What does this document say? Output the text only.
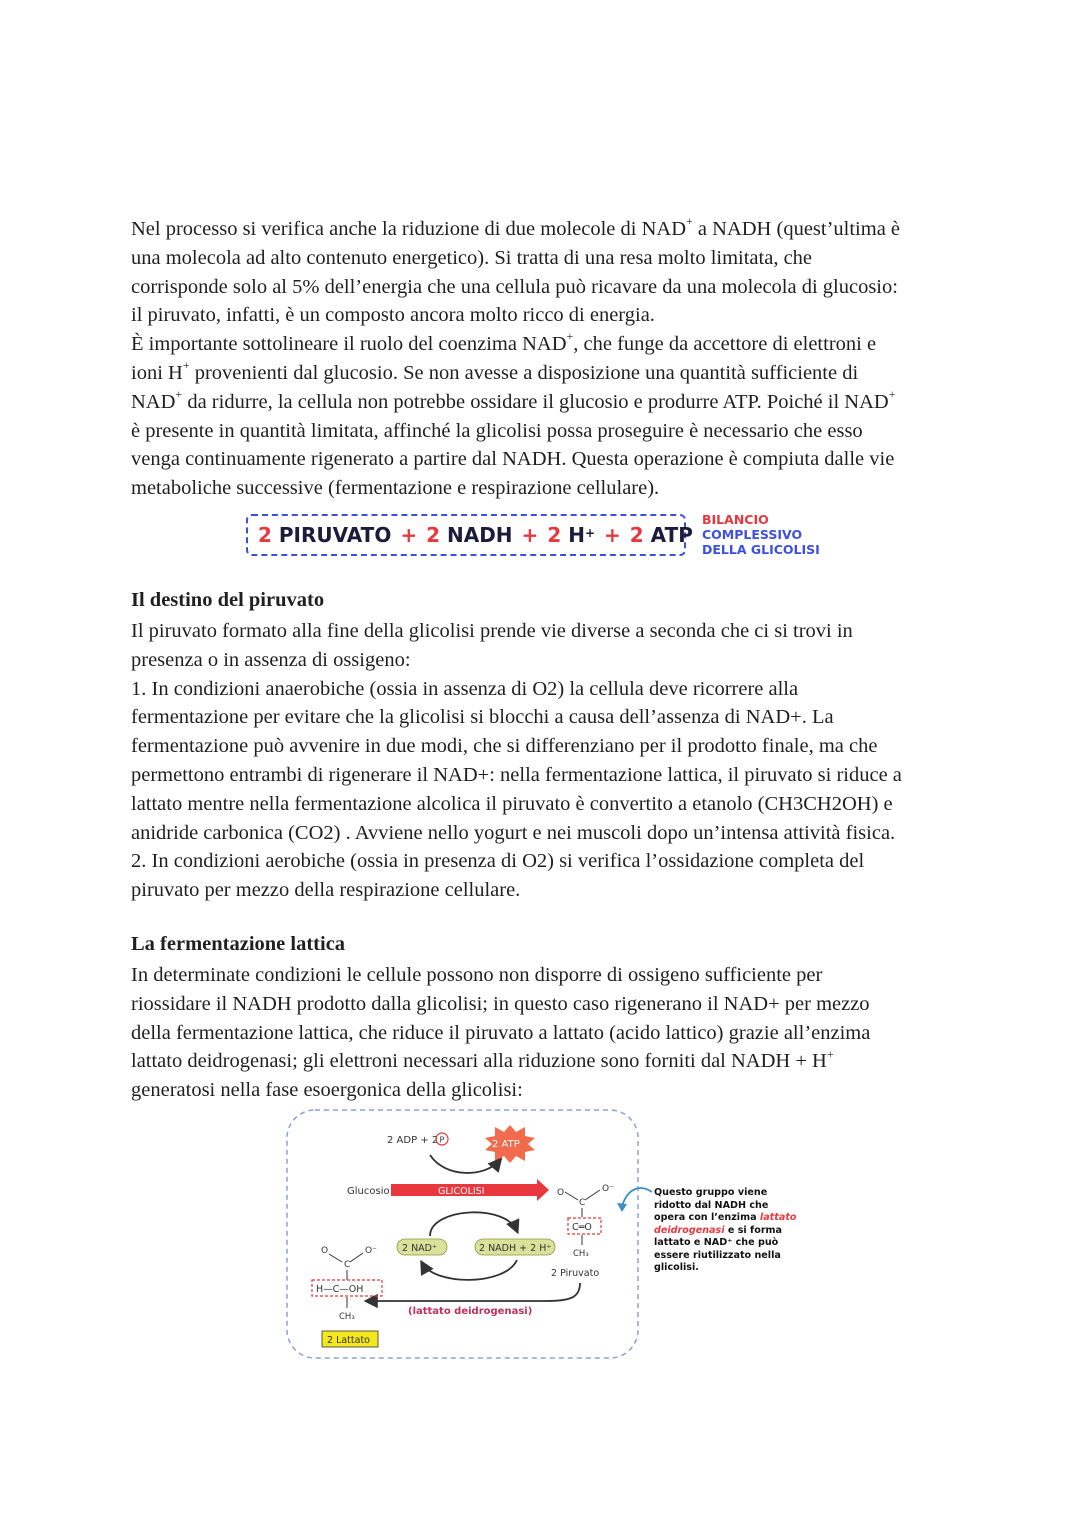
Nel processo si verifica anche la riduzione di due molecole di NAD+ a NADH (quest’ultima è
una molecola ad alto contenuto energetico). Si tratta di una resa molto limitata, che
corrisponde solo al 5% dell’energia che una cellula può ricavare da una molecola di glucosio:
il piruvato, infatti, è un composto ancora molto ricco di energia.
È importante sottolineare il ruolo del coenzima NAD+, che funge da accettore di elettroni e
ioni H+ provenienti dal glucosio. Se non avesse a disposizione una quantità sufficiente di
NAD+ da ridurre, la cellula non potrebbe ossidare il glucosio e produrre ATP. Poiché il NAD+
è presente in quantità limitata, affinché la glicolisi possa proseguire è necessario che esso
venga continuamente rigenerato a partire dal NADH. Questa operazione è compiuta dalle vie
metaboliche successive (fermentazione e respirazione cellulare).
2
PIRUVATO + 2
NADH + 2
H+ + 2
ATP
BILANCIO
COMPLESSIVO
DELLA GLICOLISI
Il destino del piruvato
Il piruvato formato alla fine della glicolisi prende vie diverse a seconda che ci si trovi in
presenza o in assenza di ossigeno:
1. In condizioni anaerobiche (ossia in assenza di O2) la cellula deve ricorrere alla
fermentazione per evitare che la glicolisi si blocchi a causa dell’assenza di NAD+. La
fermentazione può avvenire in due modi, che si differenziano per il prodotto finale, ma che
permettono entrambi di rigenerare il NAD+: nella fermentazione lattica, il piruvato si riduce a
lattato mentre nella fermentazione alcolica il piruvato è convertito a etanolo (CH3CH2OH) e
anidride carbonica (CO2) . Avviene nello yogurt e nei muscoli dopo un’intensa attività fisica.
2. In condizioni aerobiche (ossia in presenza di O2) si verifica l’ossidazione completa del
piruvato per mezzo della respirazione cellulare.
La fermentazione lattica
In determinate condizioni le cellule possono non disporre di ossigeno sufficiente per
riossidare il NADH prodotto dalla glicolisi; in questo caso rigenerano il NAD+ per mezzo
della fermentazione lattica, che riduce il piruvato a lattato (acido lattico) grazie all’enzima
lattato deidrogenasi; gli elettroni necessari alla riduzione sono forniti dal NADH + H+
generatosi nella fase esoergonica della glicolisi:
2 ADP + 2 P	2 ATP
Glucosio	GLICOLISI
2 NAD⁺	2 NADH + 2 H⁺
(lattato deidrogenasi)
O	O⁻
C
C═O
CH₃
2 Piruvato
O	O⁻
C
H—C—OH
CH₃
2 Lattato
Questo gruppo viene
ridotto dal NADH che
opera con l’enzima lattato
deidrogenasi e si forma
lattato e NAD⁺ che può
essere riutilizzato nella
glicolisi.
